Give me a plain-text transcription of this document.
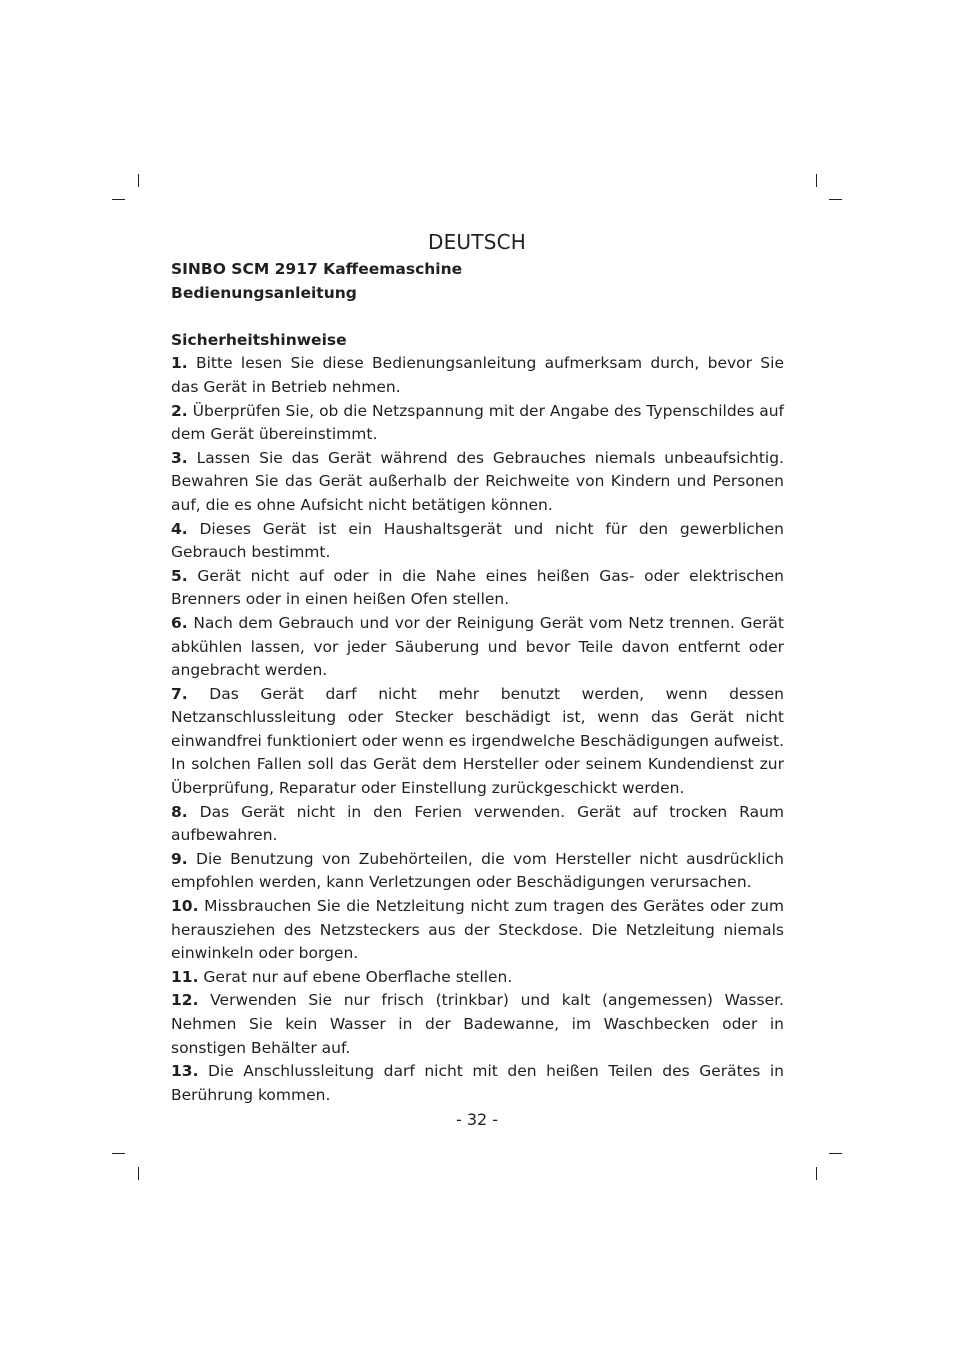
DEUTSCH
SINBO SCM 2917 Kaffeemaschine
Bedienungsanleitung
Sicherheitshinweise
1. Bitte lesen Sie diese Bedienungsanleitung aufmerksam durch, bevor Sie das Gerät in Betrieb nehmen.
2. Überprüfen Sie, ob die Netzspannung mit der Angabe des Typenschildes auf dem Gerät übereinstimmt.
3. Lassen Sie das Gerät während des Gebrauches niemals unbeaufsichtig. Bewahren Sie das Gerät außerhalb der Reichweite von Kindern und Personen auf, die es ohne Aufsicht nicht betätigen können.
4. Dieses Gerät ist ein Haushaltsgerät und nicht für den gewerblichen Gebrauch bestimmt.
5. Gerät nicht auf oder in die Nahe eines heißen Gas- oder elektrischen Brenners oder in einen heißen Ofen stellen.
6. Nach dem Gebrauch und vor der Reinigung Gerät vom Netz trennen. Gerät abkühlen lassen, vor jeder Säuberung und bevor Teile davon entfernt oder angebracht werden.
7. Das Gerät darf nicht mehr benutzt werden, wenn dessen Netzanschlussleitung oder Stecker beschädigt ist, wenn das Gerät nicht einwandfrei funktioniert oder wenn es irgendwelche Beschädigungen aufweist. In solchen Fallen soll das Gerät dem Hersteller oder seinem Kundendienst zur Überprüfung, Reparatur oder Einstellung zurückgeschickt werden.
8. Das Gerät nicht in den Ferien verwenden. Gerät auf trocken Raum aufbewahren.
9. Die Benutzung von Zubehörteilen, die vom Hersteller nicht ausdrücklich empfohlen werden, kann Verletzungen oder Beschädigungen verursachen.
10. Missbrauchen Sie die Netzleitung nicht zum tragen des Gerätes oder zum herausziehen des Netzsteckers aus der Steckdose. Die Netzleitung niemals einwinkeln oder borgen.
11. Gerat nur auf ebene Oberflache stellen.
12. Verwenden Sie nur frisch (trinkbar) und kalt (angemessen) Wasser. Nehmen Sie kein Wasser in der Badewanne, im Waschbecken oder in sonstigen Behälter auf.
13. Die Anschlussleitung darf nicht mit den heißen Teilen des Gerätes in Berührung kommen.
- 32 -
